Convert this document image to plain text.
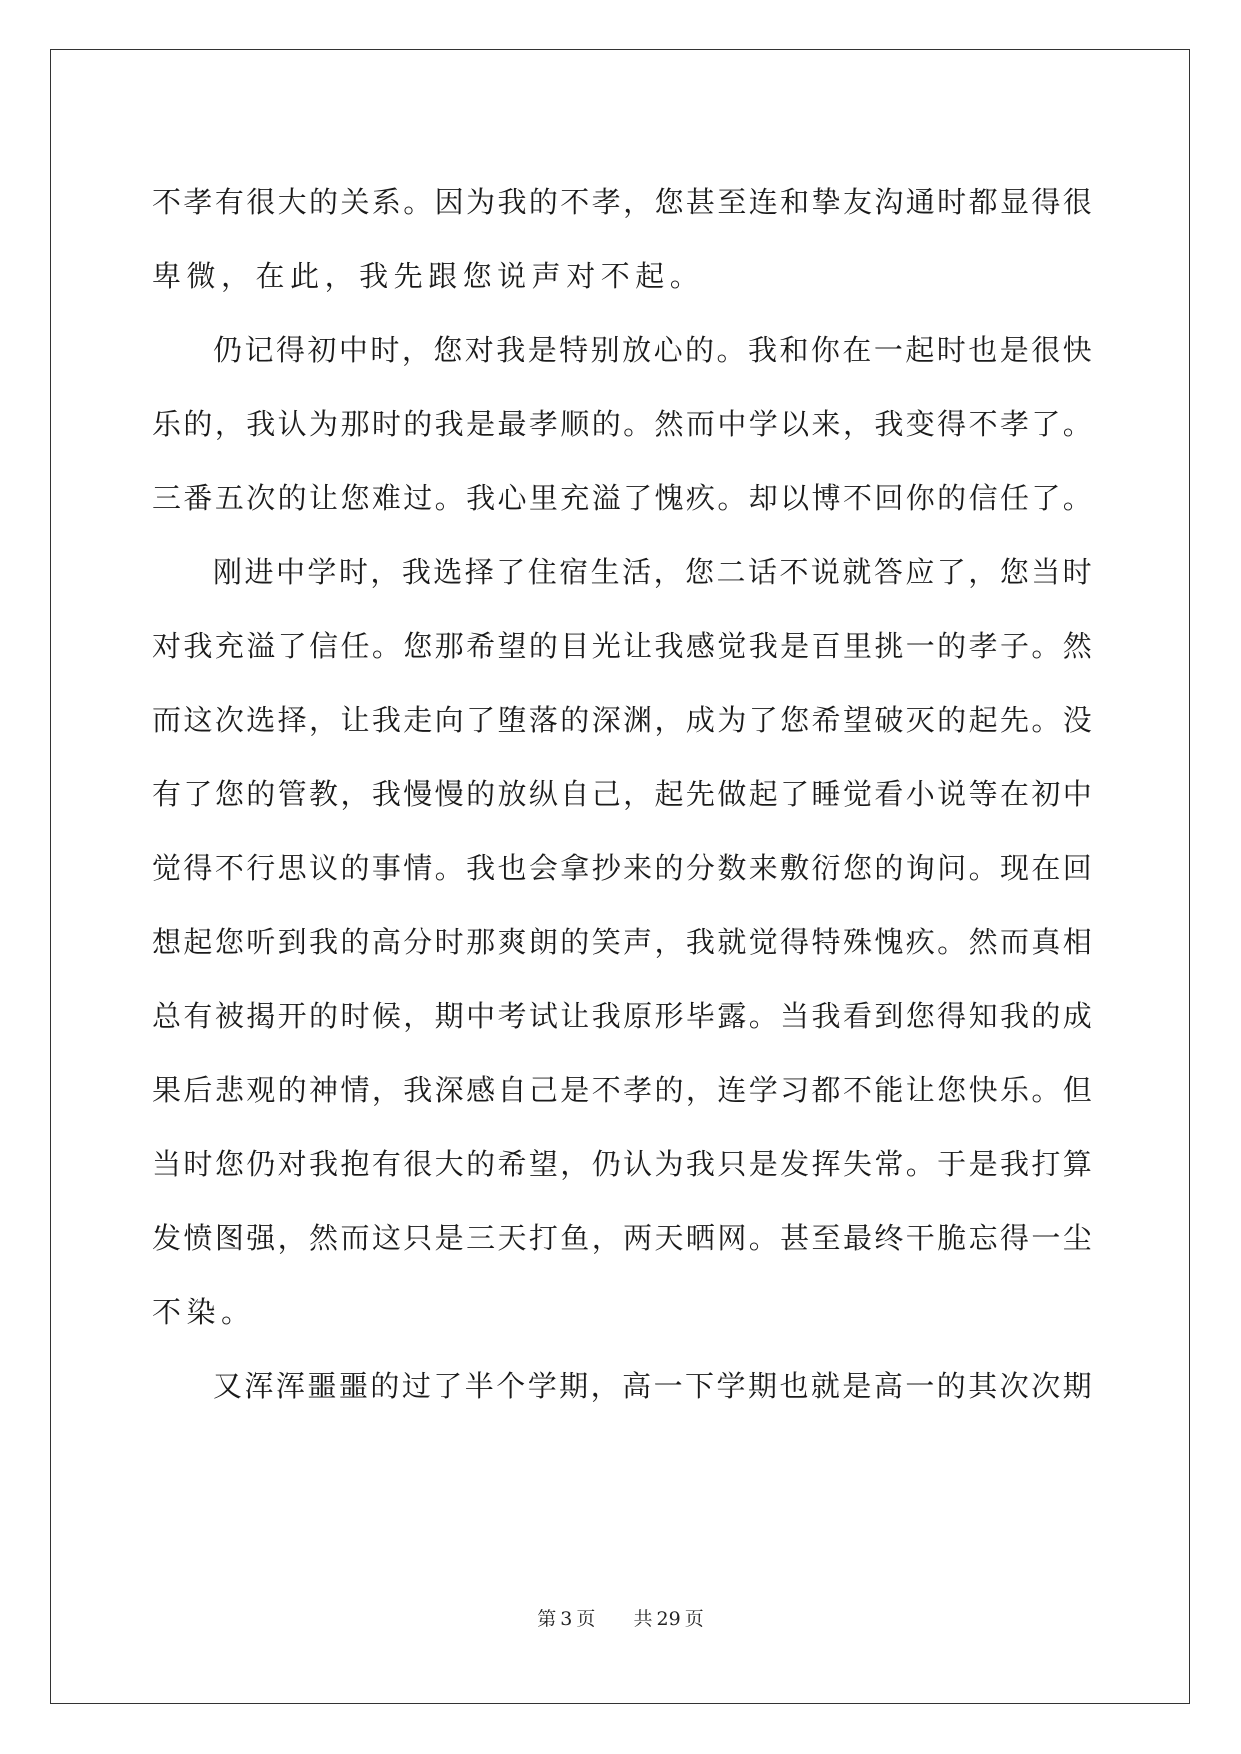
不 孝 有 很 大 的 关 系 。 因 为 我 的 不 孝 ， 您 甚 至 连 和 挚 友 沟 通 时 都 显 得 很
卑 微 ， 在 此 ， 我 先 跟 您 说 声 对 不 起 。
仍 记 得 初 中 时 ， 您 对 我 是 特 别 放 心 的 。 我 和 你 在 一 起 时 也 是 很 快
乐 的 ， 我 认 为 那 时 的 我 是 最 孝 顺 的 。 然 而 中 学 以 来 ， 我 变 得 不 孝 了 。
三 番 五 次 的 让 您 难 过 。 我 心 里 充 溢 了 愧 疚 。 却 以 博 不 回 你 的 信 任 了 。
刚 进 中 学 时 ， 我 选 择 了 住 宿 生 活 ， 您 二 话 不 说 就 答 应 了 ， 您 当 时
对 我 充 溢 了 信 任 。 您 那 希 望 的 目 光 让 我 感 觉 我 是 百 里 挑 一 的 孝 子 。 然
而 这 次 选 择 ， 让 我 走 向 了 堕 落 的 深 渊 ， 成 为 了 您 希 望 破 灭 的 起 先 。 没
有 了 您 的 管 教 ， 我 慢 慢 的 放 纵 自 己 ， 起 先 做 起 了 睡 觉 看 小 说 等 在 初 中
觉 得 不 行 思 议 的 事 情 。 我 也 会 拿 抄 来 的 分 数 来 敷 衍 您 的 询 问 。 现 在 回
想 起 您 听 到 我 的 高 分 时 那 爽 朗 的 笑 声 ， 我 就 觉 得 特 殊 愧 疚 。 然 而 真 相
总 有 被 揭 开 的 时 候 ， 期 中 考 试 让 我 原 形 毕 露 。 当 我 看 到 您 得 知 我 的 成
果 后 悲 观 的 神 情 ， 我 深 感 自 己 是 不 孝 的 ， 连 学 习 都 不 能 让 您 快 乐 。 但
当 时 您 仍 对 我 抱 有 很 大 的 希 望 ， 仍 认 为 我 只 是 发 挥 失 常 。 于 是 我 打 算
发 愤 图 强 ， 然 而 这 只 是 三 天 打 鱼 ， 两 天 晒 网 。 甚 至 最 终 干 脆 忘 得 一 尘
不 染 。
又 浑 浑 噩 噩 的 过 了 半 个 学 期 ， 高 一 下 学 期 也 就 是 高 一 的 其 次 次 期
第 3 页 共 29 页
